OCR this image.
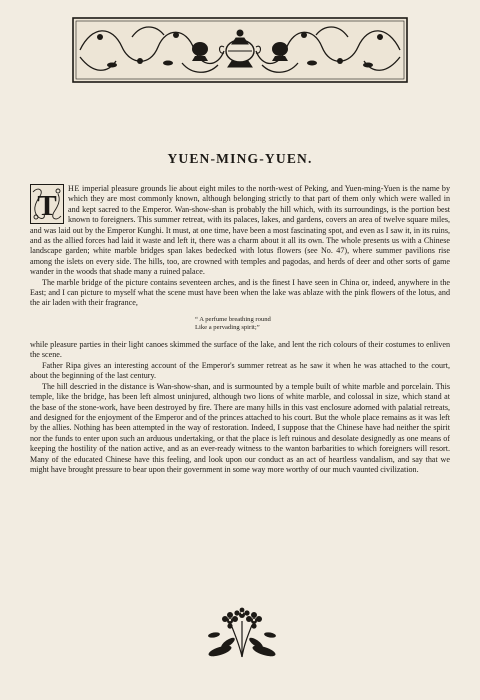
YUEN-MING-YUEN.

T
HE imperial pleasure grounds lie about eight miles to the north-west of Peking, and Yuen-ming-Yuen is the name by which they are most commonly known, although belonging strictly to that part of them only which were walled in and kept sacred to the Emperor. Wan-show-shan is probably the hill which, with its surroundings, is the portion best known to foreigners. This summer retreat, with its palaces, lakes, and gardens, covers an area of twelve square miles, and was laid out by the Emperor Kunghi. It must, at one time, have been a most fascinating spot, and even as I saw it, in its ruins, and as the allied forces had laid it waste and left it, there was a charm about it all its own. The whole presents us with a Chinese landscape garden; white marble bridges span lakes bedecked with lotus flowers (see No. 47), where summer pavilions rise among the islets on every side. The hills, too, are crowned with temples and pagodas, and herds of deer and other sorts of game wander in the woods that shade many a ruined palace.

The marble bridge of the picture contains seventeen arches, and is the finest I have seen in China or, indeed, anywhere in the East; and I can picture to myself what the scene must have been when the lake was ablaze with the pink flowers of the lotus, and the air laden with their fragrance,

“ A perfume breathing round
Like a pervading spirit;”

while pleasure parties in their light canoes skimmed the surface of the lake, and lent the rich colours of their costumes to enliven the scene.

Father Ripa gives an interesting account of the Emperor's summer retreat as he saw it when he was attached to the court, about the beginning of the last century.

The hill descried in the distance is Wan-show-shan, and is surmounted by a temple built of white marble and porcelain. This temple, like the bridge, has been left almost uninjured, although two lions of white marble, and colossal in size, which stand at the base of the stone-work, have been destroyed by fire. There are many hills in this vast enclosure adorned with palatial retreats, and designed for the enjoyment of the Emperor and of the princes attached to his court. But the whole place remains as it was left by the allies. Nothing has been attempted in the way of restoration. Indeed, I suppose that the Chinese have had neither the spirit nor the funds to enter upon such an arduous undertaking, or that the place is left ruinous and desolate designedly as one means of keeping the hostility of the nation active, and as an ever-ready witness to the wanton barbarities to which foreigners will resort. Many of the educated Chinese have this feeling, and look upon our conduct as an act of heartless vandalism, and say that we might have brought pressure to bear upon their government in some way more worthy of our much vaunted civilization.
